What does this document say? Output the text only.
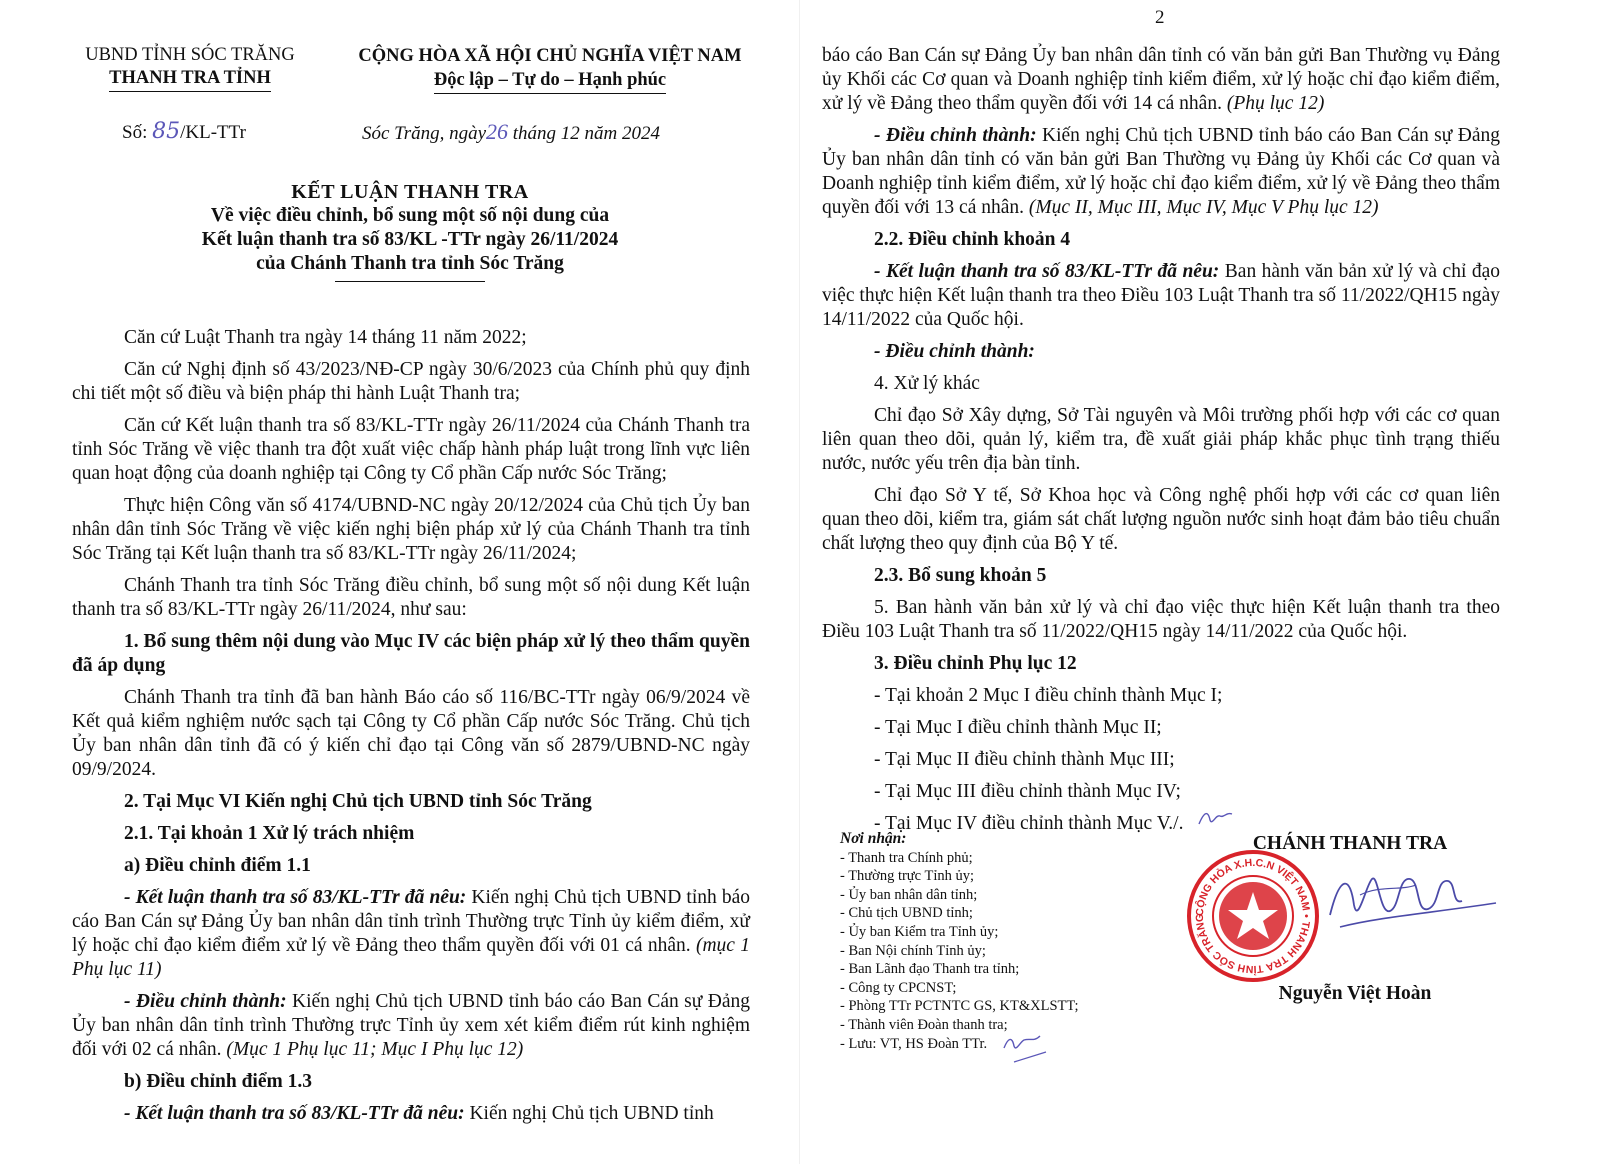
UBND TỈNH SÓC TRĂNG
THANH TRA TỈNH
CỘNG HÒA XÃ HỘI CHỦ NGHĨA VIỆT NAM
Độc lập – Tự do – Hạnh phúc
Số: 85/KL-TTr	Sóc Trăng, ngày26 tháng 12 năm 2024
KẾT LUẬN THANH TRA
Về việc điều chỉnh, bổ sung một số nội dung của
Kết luận thanh tra số 83/KL -TTr ngày 26/11/2024
của Chánh Thanh tra tỉnh Sóc Trăng

Căn cứ Luật Thanh tra ngày 14 tháng 11 năm 2022;

Căn cứ Nghị định số 43/2023/NĐ-CP ngày 30/6/2023 của Chính phủ quy định chi tiết một số điều và biện pháp thi hành Luật Thanh tra;

Căn cứ Kết luận thanh tra số 83/KL-TTr ngày 26/11/2024 của Chánh Thanh tra tỉnh Sóc Trăng về việc thanh tra đột xuất việc chấp hành pháp luật trong lĩnh vực liên quan hoạt động của doanh nghiệp tại Công ty Cổ phần Cấp nước Sóc Trăng;

Thực hiện Công văn số 4174/UBND-NC ngày 20/12/2024 của Chủ tịch Ủy ban nhân dân tỉnh Sóc Trăng về việc kiến nghị biện pháp xử lý của Chánh Thanh tra tỉnh Sóc Trăng tại Kết luận thanh tra số 83/KL-TTr ngày 26/11/2024;

Chánh Thanh tra tỉnh Sóc Trăng điều chỉnh, bổ sung một số nội dung Kết luận thanh tra số 83/KL-TTr ngày 26/11/2024, như sau:

1. Bổ sung thêm nội dung vào Mục IV các biện pháp xử lý theo thẩm quyền đã áp dụng

Chánh Thanh tra tỉnh đã ban hành Báo cáo số 116/BC-TTr ngày 06/9/2024 về Kết quả kiểm nghiệm nước sạch tại Công ty Cổ phần Cấp nước Sóc Trăng. Chủ tịch Ủy ban nhân dân tỉnh đã có ý kiến chỉ đạo tại Công văn số 2879/UBND-NC ngày 09/9/2024.

2. Tại Mục VI Kiến nghị Chủ tịch UBND tỉnh Sóc Trăng

2.1. Tại khoản 1 Xử lý trách nhiệm

a) Điều chỉnh điểm 1.1

- Kết luận thanh tra số 83/KL-TTr đã nêu: Kiến nghị Chủ tịch UBND tỉnh báo cáo Ban Cán sự Đảng Ủy ban nhân dân tỉnh trình Thường trực Tỉnh ủy kiểm điểm, xử lý hoặc chỉ đạo kiểm điểm xử lý về Đảng theo thẩm quyền đối với 01 cá nhân. (mục 1 Phụ lục 11)

- Điều chỉnh thành: Kiến nghị Chủ tịch UBND tỉnh báo cáo Ban Cán sự Đảng Ủy ban nhân dân tỉnh trình Thường trực Tỉnh ủy xem xét kiểm điểm rút kinh nghiệm đối với 02 cá nhân. (Mục 1 Phụ lục 11; Mục I Phụ lục 12)

b) Điều chỉnh điểm 1.3

- Kết luận thanh tra số 83/KL-TTr đã nêu: Kiến nghị Chủ tịch UBND tỉnh

2

báo cáo Ban Cán sự Đảng Ủy ban nhân dân tỉnh có văn bản gửi Ban Thường vụ Đảng ủy Khối các Cơ quan và Doanh nghiệp tỉnh kiểm điểm, xử lý hoặc chỉ đạo kiểm điểm, xử lý về Đảng theo thẩm quyền đối với 14 cá nhân. (Phụ lục 12)

- Điều chỉnh thành: Kiến nghị Chủ tịch UBND tỉnh báo cáo Ban Cán sự Đảng Ủy ban nhân dân tỉnh có văn bản gửi Ban Thường vụ Đảng ủy Khối các Cơ quan và Doanh nghiệp tỉnh kiểm điểm, xử lý hoặc chỉ đạo kiểm điểm, xử lý về Đảng theo thẩm quyền đối với 13 cá nhân. (Mục II, Mục III, Mục IV, Mục V Phụ lục 12)

2.2. Điều chỉnh khoản 4

- Kết luận thanh tra số 83/KL-TTr đã nêu: Ban hành văn bản xử lý và chỉ đạo việc thực hiện Kết luận thanh tra theo Điều 103 Luật Thanh tra số 11/2022/QH15 ngày 14/11/2022 của Quốc hội.

- Điều chỉnh thành:

4. Xử lý khác

Chỉ đạo Sở Xây dựng, Sở Tài nguyên và Môi trường phối hợp với các cơ quan liên quan theo dõi, quản lý, kiểm tra, đề xuất giải pháp khắc phục tình trạng thiếu nước, nước yếu trên địa bàn tỉnh.

Chỉ đạo Sở Y tế, Sở Khoa học và Công nghệ phối hợp với các cơ quan liên quan theo dõi, kiểm tra, giám sát chất lượng nguồn nước sinh hoạt đảm bảo tiêu chuẩn chất lượng theo quy định của Bộ Y tế.

2.3. Bổ sung khoản 5

5. Ban hành văn bản xử lý và chỉ đạo việc thực hiện Kết luận thanh tra theo Điều 103 Luật Thanh tra số 11/2022/QH15 ngày 14/11/2022 của Quốc hội.

3. Điều chỉnh Phụ lục 12

- Tại khoản 2 Mục I điều chỉnh thành Mục I;

- Tại Mục I điều chỉnh thành Mục II;

- Tại Mục II điều chỉnh thành Mục III;

- Tại Mục III điều chỉnh thành Mục IV;

- Tại Mục IV điều chỉnh thành Mục V./.

Nơi nhận:
- Thanh tra Chính phủ;
- Thường trực Tỉnh ủy;
- Ủy ban nhân dân tỉnh;
- Chủ tịch UBND tỉnh;
- Ủy ban Kiểm tra Tỉnh ủy;
- Ban Nội chính Tỉnh ủy;
- Ban Lãnh đạo Thanh tra tỉnh;
- Công ty CPCNST;
- Phòng TTr PCTNTC GS, KT&XLSTT;
- Thành viên Đoàn thanh tra;
- Lưu: VT, HS Đoàn TTr.
CHÁNH THANH TRA
CỘNG HÒA X.H.C.N VIỆT NAM • THANH TRA TỈNH SÓC TRĂNG
Nguyễn Việt Hoàn
